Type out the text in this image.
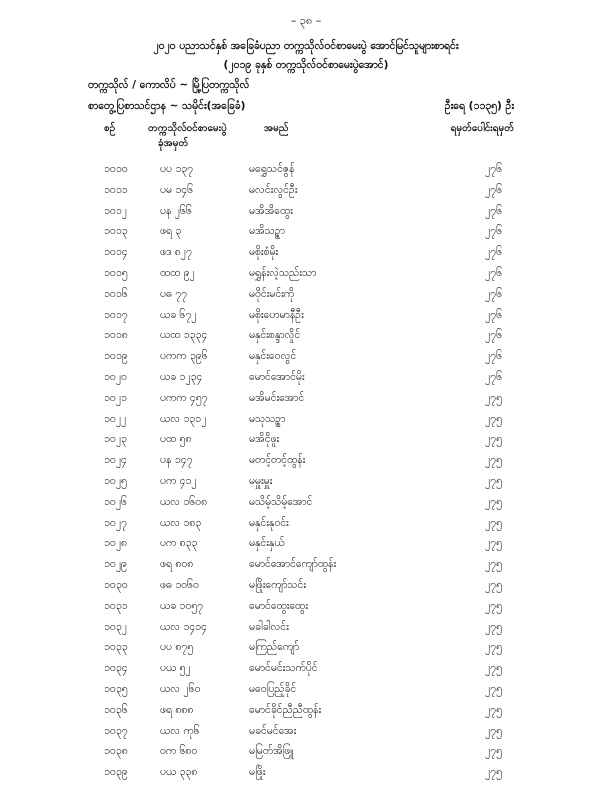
– ၃၈ –
၂၀၂၀ ပညာသင်နှစ် အခြေခံပညာ တက္ကသိုလ်ဝင်စာမေးပွဲ အောင်မြင်သူများစာရင်း
(၂၀၁၉ ခုနှစ် တက္ကသိုလ်ဝင်စာမေးပွဲအောင်)
တက္ကသိုလ် / ကောလိပ် ~ မြို့ပြတက္ကသိုလ်
စာတွေ့ပြစာသင်ဌာန ~ သမိုင်း(အခြေခံ)	ဦးရေ (၁၁၃၅) ဦး
စဉ်	တက္ကသိုလ်ဝင်စာမေးပွဲ
ခုံအမှတ်
အမည်	ရမှတ်ပေါင်းရမှတ်
၁၀၁၀	ပပ ၁၃၇	မရွှေသင်ဇွန်	၂၇၆
၁၀၁၁	ပမ ၁၄၆	မလင်းလွင်ဦး	၂၇၆
၁၀၁၂	ပန ၂၆၆	မအိအိထွေး	၂၇၆
၁၀၁၃	ဖရ ၃	မအိသဉ္စာ	၂၇၆
၁၀၁၄	ဖဒ ၈၂၇	မစိုးစံမိုး	၂၇၆
၁၀၁၅	ထထ ၉၂	မရွှန်းလဲ့သည်းသာ	၂၇၆
၁၀၁၆	ပဓ ၇၇	မဝိုင်းမင်းကို	၂၇၆
၁၀၁၇	ယခ ၆၇၂	မစိုးဟေမာနီဦး	၂၇၆
၁၀၁၈	ယထ ၁၃၃၄	မနှင်းစန္ဒာလှိုင်	၂၇၆
၁၀၁၉	ပကက ၃၉၆	မနှင်းဝေလွင်	၂၇၆
၁၀၂၀	ယခ ၁၂၃၄	မောင်အောင်မိုး	၂၇၆
၁၀၂၁	ပကက ၄၅၇	မအိမင်းအောင်	၂၇၅
၁၀၂၂	ယလ ၁၃၁၂	မသုသဉ္စာ	၂၇၅
၁၀၂၃	ပထ ၅၈	မအိငိုဖူး	၂၇၅
၁၀၂၄	ပန ၁၄၇	မတင့်တင့်ထွန်း	၂၇၅
၁၀၂၅	ပက ၄၁၂	မမှူးမှူး	၂၇၅
၁၀၂၆	ယလ ၁၆၀၈	မသိမ့်သိမ့်အောင်	၂၇၅
၁၀၂၇	ယလ ၁၈၃	မနှင်းနုဝင်း	၂၇၅
၁၀၂၈	ပက ၈၃၃	မနှင်းနှယ်	၂၇၅
၁၀၂၉	ဖရ ၈၀၈	မောင်အောင်ကျော်ထွန်း	၂၇၅
၁၀၃၀	ဖဓ ၁၀၆၀	မဖြိုးကျော်သင်း	၂၇၅
၁၀၃၁	ယခ ၁၀၅၇	မောင်ထွေးထွေး	၂၇၅
၁၀၃၂	ယလ ၁၄၁၄	မခါခါလင်း	၂၇၅
၁၀၃၃	ပပ ၈၇၅	မကြည်ကျော်	၂၇၅
၁၀၃၄	ပယ ၅၂	မောင်မင်းသက်ပိုင်	၂၇၅
၁၀၃၅	ယလ ၂၆၀	မဝေပြည့်ခိုင်	၂၇၅
၁၀၃၆	ဖရ ၈၈၈	မောင်ခိုင်ညီညီထွန်း	၂၇၅
၁၀၃၇	ယလ ကု၆	မခင်မင်အေး	၂၇၅
၁၀၃၈	ဝက ၆၈၀	မမြတ်အိဖြူ	၂၇၅
၁၀၃၉	ပယ ၃၃၈	မဖြိုး	၂၇၅
